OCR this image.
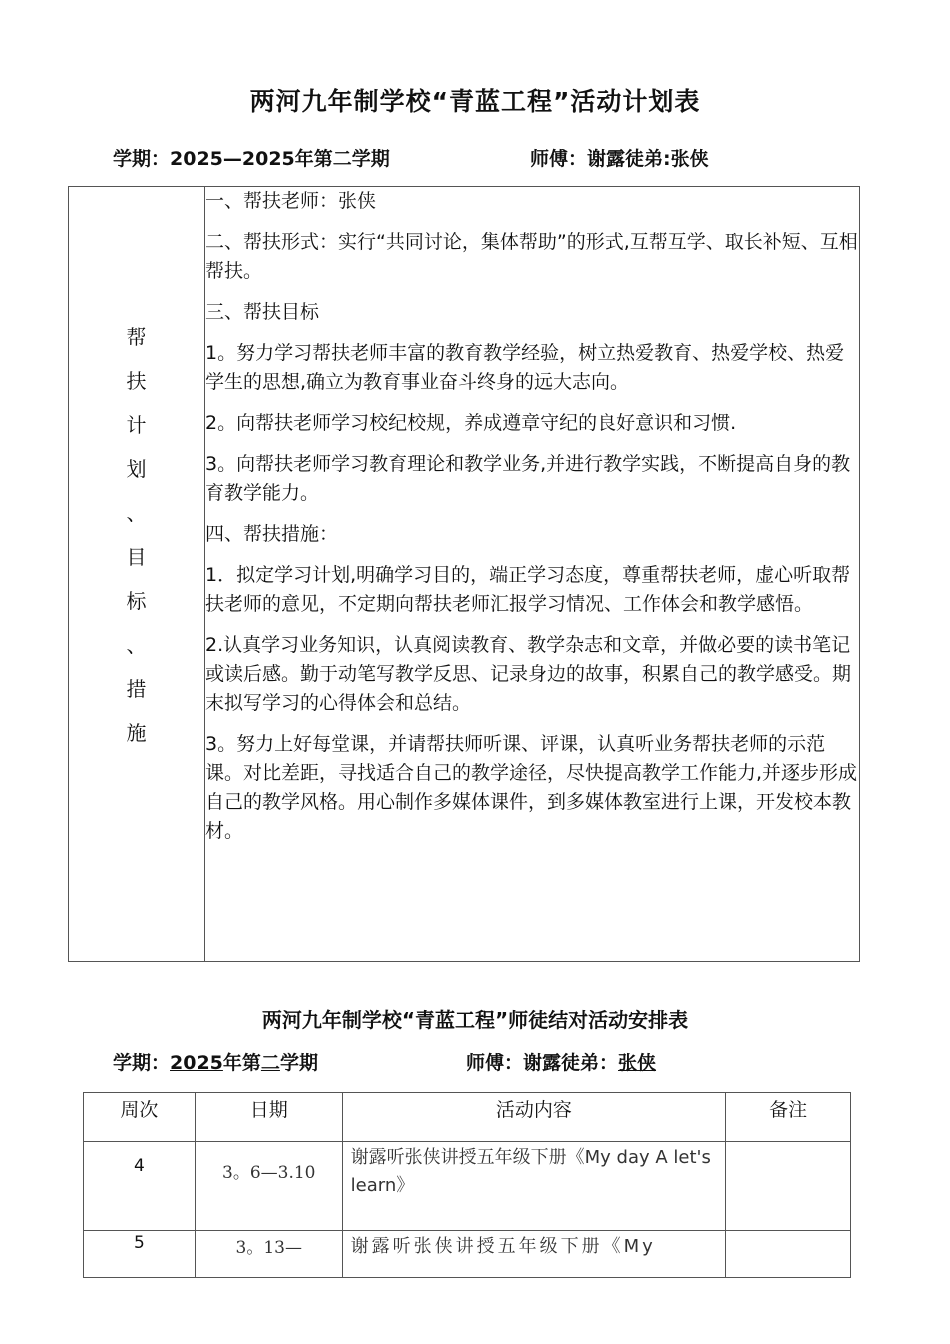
两河九年制学校“青蓝工程”活动计划表
学期：2025—2025年第二学期	师傅：谢露徒弟:张侠
帮
扶
计
划
、
目
标
、
措
施

一、帮扶老师：张侠

二、帮扶形式：实行“共同讨论，集体帮助”的形式,互帮互学、取长补短、互相帮扶。

三、帮扶目标

1。努力学习帮扶老师丰富的教育教学经验，树立热爱教育、热爱学校、热爱学生的思想,确立为教育事业奋斗终身的远大志向。

2。向帮扶老师学习校纪校规，养成遵章守纪的良好意识和习惯.

3。向帮扶老师学习教育理论和教学业务,并进行教学实践，不断提高自身的教育教学能力。

四、帮扶措施：

1．拟定学习计划,明确学习目的，端正学习态度，尊重帮扶老师，虚心听取帮扶老师的意见，不定期向帮扶老师汇报学习情况、工作体会和教学感悟。

2.认真学习业务知识，认真阅读教育、教学杂志和文章，并做必要的读书笔记或读后感。勤于动笔写教学反思、记录身边的故事，积累自己的教学感受。期末拟写学习的心得体会和总结。

3。努力上好每堂课，并请帮扶师听课、评课，认真听业务帮扶老师的示范课。对比差距，寻找适合自己的教学途径，尽快提高教学工作能力,并逐步形成自己的教学风格。用心制作多媒体课件，到多媒体教室进行上课，开发校本教材。

两河九年制学校“青蓝工程”师徒结对活动安排表
学期：2025年第二学期	师傅：谢露徒弟：张侠
周次	日期	活动内容	备注
4	3。6—3.10	谢露听张侠讲授五年级下册《My day A let's learn》	
5	3。13—	谢露听张侠讲授五年级下册《My	
